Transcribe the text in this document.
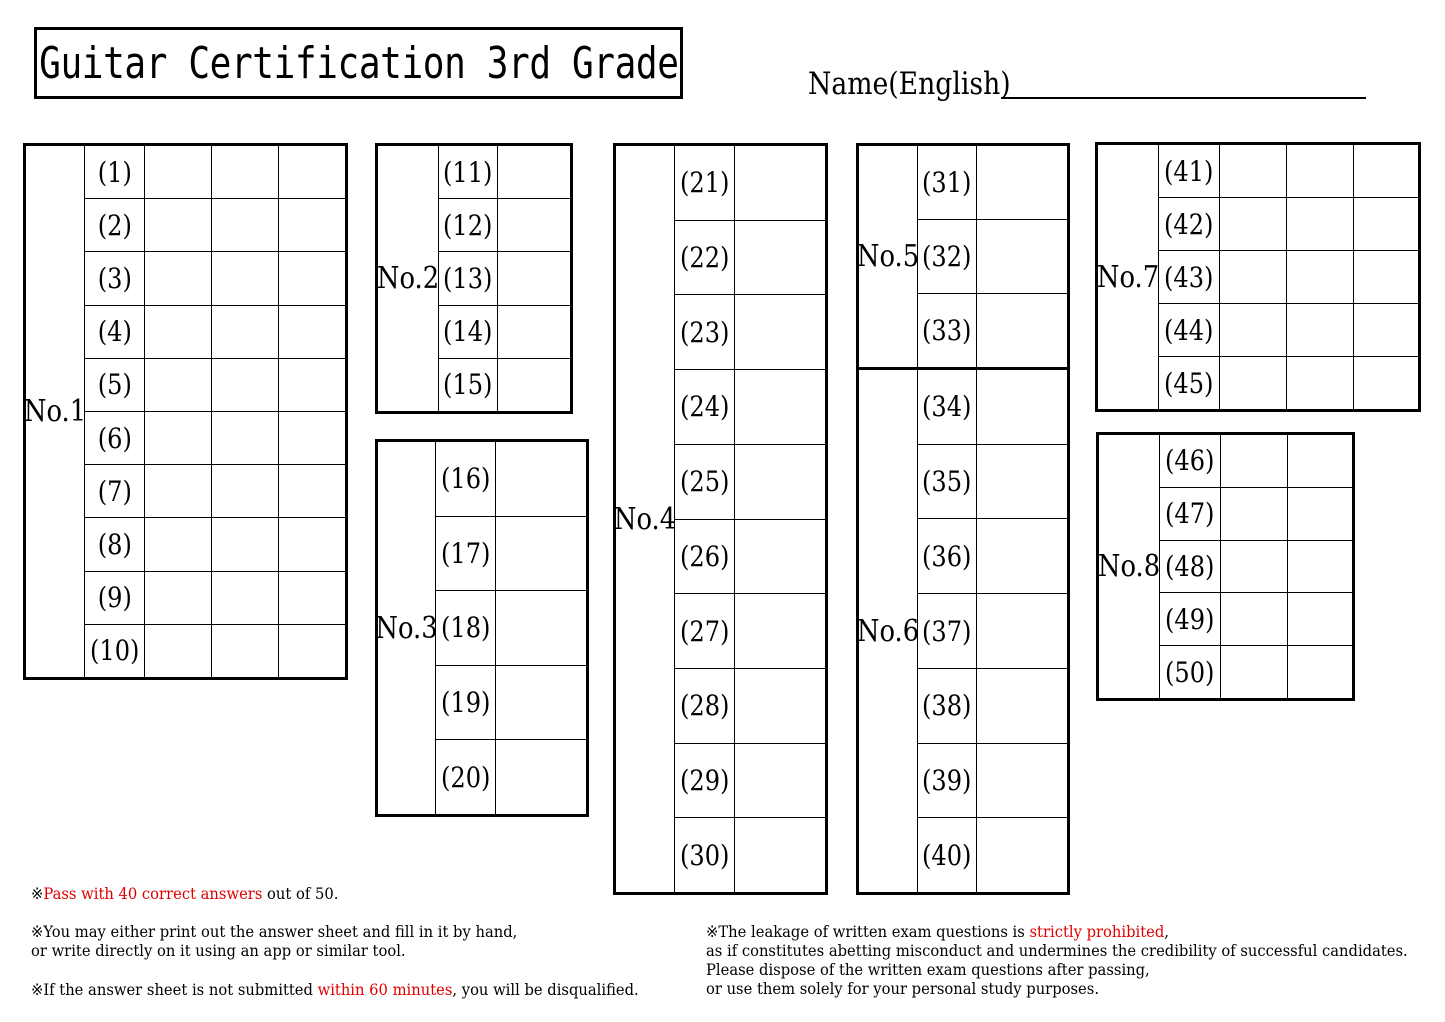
Guitar Certification 3rd Grade	Name(English)
No.1
(1)
(2)
(3)
(4)
(5)
(6)
(7)
(8)
(9)
(10)
No.2
(11)
(12)
(13)
(14)
(15)
No.3
(16)
(17)
(18)
(19)
(20)
No.4
(21)
(22)
(23)
(24)
(25)
(26)
(27)
(28)
(29)
(30)
No.5
(31)
(32)
(33)
No.6
(34)
(35)
(36)
(37)
(38)
(39)
(40)
No.7
(41)
(42)
(43)
(44)
(45)
No.8
(46)
(47)
(48)
(49)
(50)
※Pass with 40 correct answers out of 50.
※You may either print out the answer sheet and fill in it by hand,
or write directly on it using an app or similar tool.
※If the answer sheet is not submitted within 60 minutes, you will be disqualified.
※The leakage of written exam questions is strictly prohibited,
as if constitutes abetting misconduct and undermines the credibility of successful candidates.
Please dispose of the written exam questions after passing,
or use them solely for your personal study purposes.
